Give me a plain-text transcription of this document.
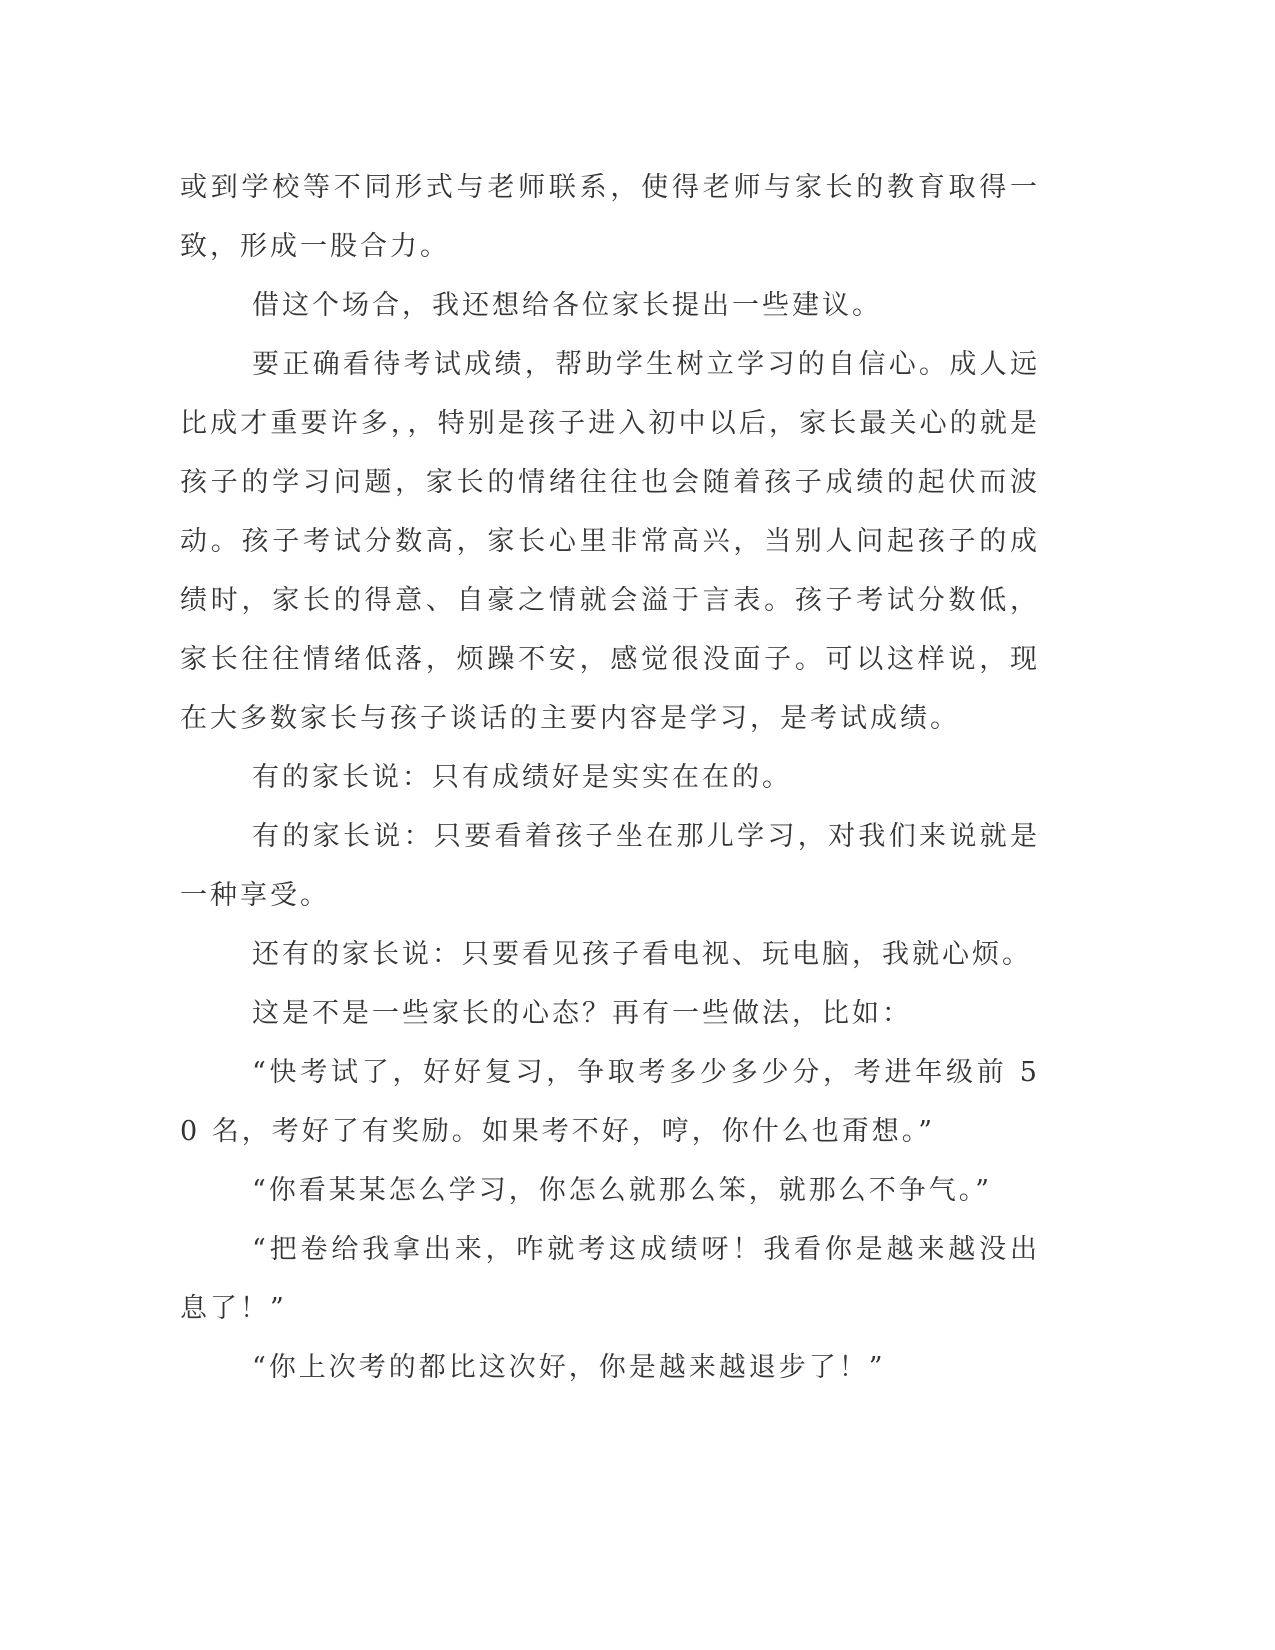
或到学校等不同形式与老师联系，使得老师与家长的教育取得一致，形成一股合力。

借这个场合，我还想给各位家长提出一些建议。

要正确看待考试成绩，帮助学生树立学习的自信心。成人远比成才重要许多，，特别是孩子进入初中以后，家长最关心的就是孩子的学习问题，家长的情绪往往也会随着孩子成绩的起伏而波动。孩子考试分数高，家长心里非常高兴，当别人问起孩子的成绩时，家长的得意、自豪之情就会溢于言表。孩子考试分数低，家长往往情绪低落，烦躁不安，感觉很没面子。可以这样说，现在大多数家长与孩子谈话的主要内容是学习，是考试成绩。

有的家长说：只有成绩好是实实在在的。

有的家长说：只要看着孩子坐在那儿学习，对我们来说就是一种享受。

还有的家长说：只要看见孩子看电视、玩电脑，我就心烦。

这是不是一些家长的心态？再有一些做法，比如：

“快考试了，好好复习，争取考多少多少分，考进年级前 50 名，考好了有奖励。如果考不好，哼，你什么也甭想。”

“你看某某怎么学习，你怎么就那么笨，就那么不争气。”

“把卷给我拿出来，咋就考这成绩呀！我看你是越来越没出息了！”

“你上次考的都比这次好，你是越来越退步了！”
